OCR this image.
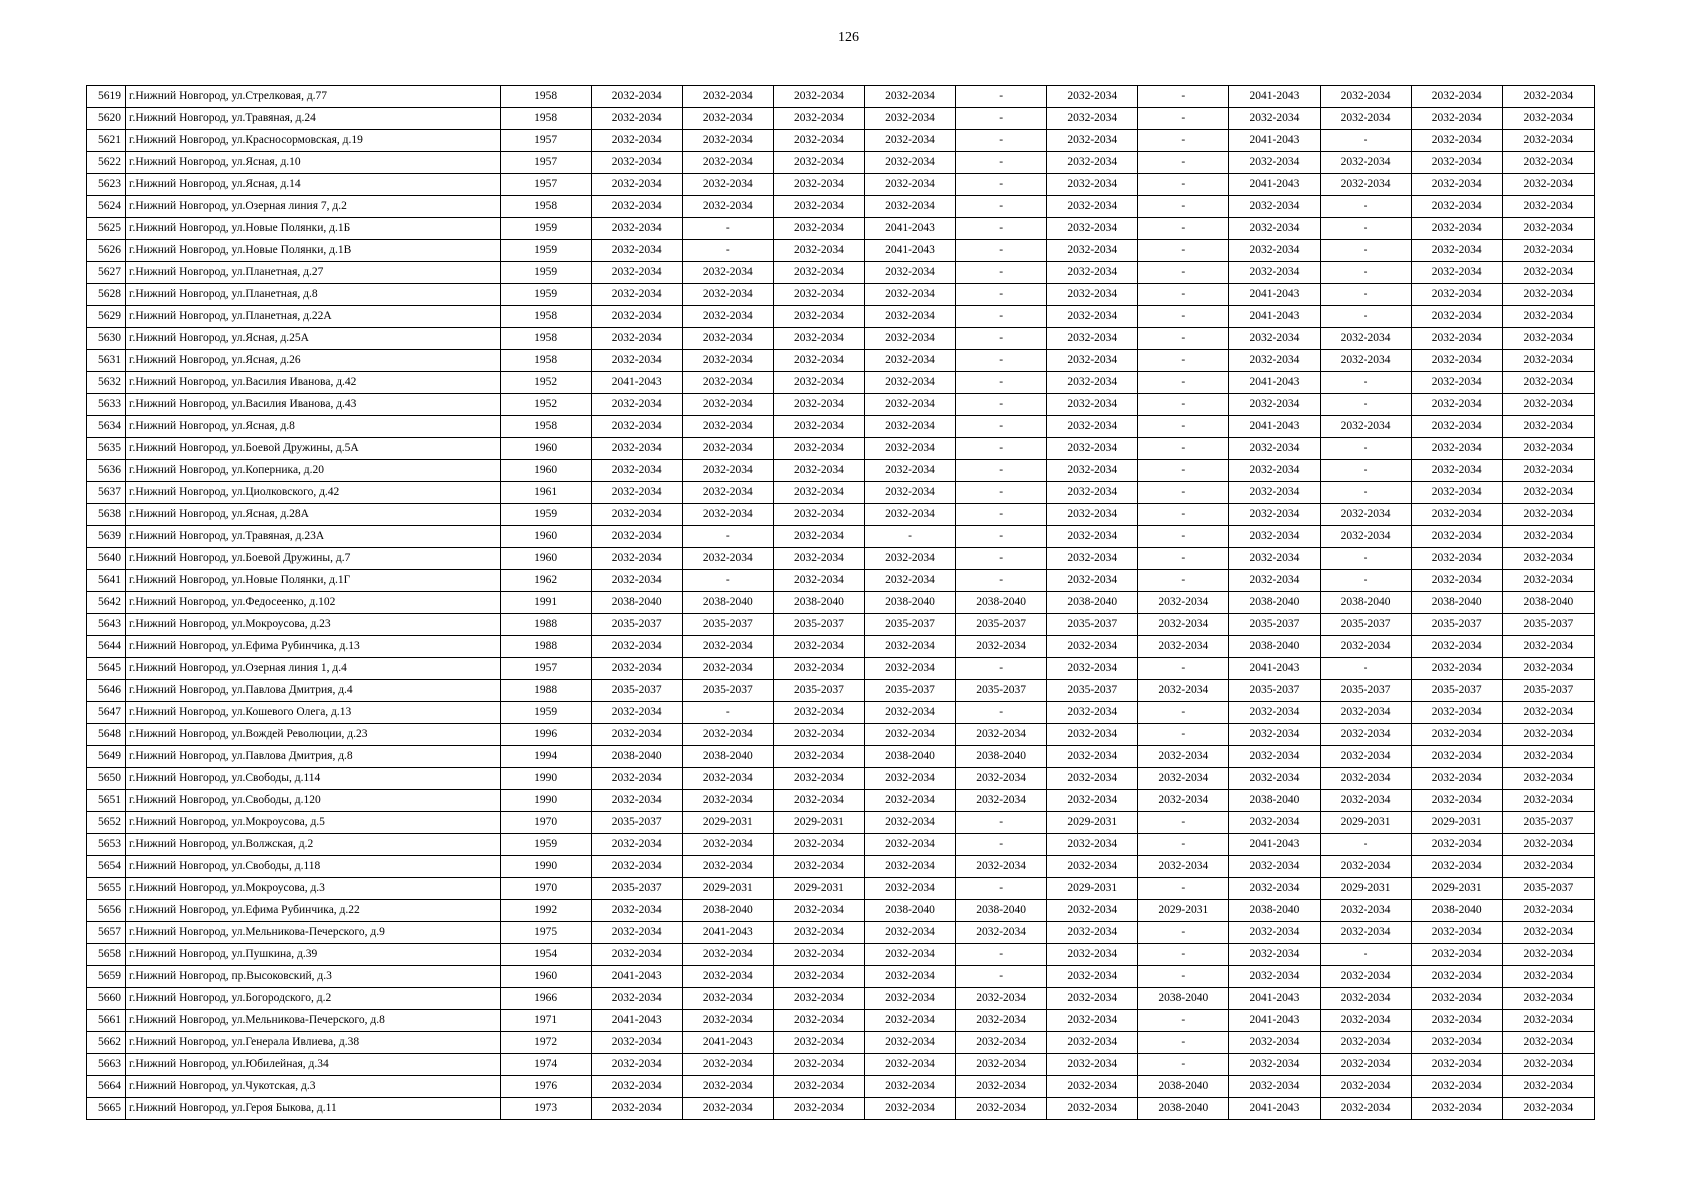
126
5619	г.Нижний Новгород, ул.Стрелковая, д.77	1958	2032-2034	2032-2034	2032-2034	2032-2034	-	2032-2034	-	2041-2043	2032-2034	2032-2034	2032-2034
5620	г.Нижний Новгород, ул.Травяная, д.24	1958	2032-2034	2032-2034	2032-2034	2032-2034	-	2032-2034	-	2032-2034	2032-2034	2032-2034	2032-2034
5621	г.Нижний Новгород, ул.Красносормовская, д.19	1957	2032-2034	2032-2034	2032-2034	2032-2034	-	2032-2034	-	2041-2043	-	2032-2034	2032-2034
5622	г.Нижний Новгород, ул.Ясная, д.10	1957	2032-2034	2032-2034	2032-2034	2032-2034	-	2032-2034	-	2032-2034	2032-2034	2032-2034	2032-2034
5623	г.Нижний Новгород, ул.Ясная, д.14	1957	2032-2034	2032-2034	2032-2034	2032-2034	-	2032-2034	-	2041-2043	2032-2034	2032-2034	2032-2034
5624	г.Нижний Новгород, ул.Озерная линия 7, д.2	1958	2032-2034	2032-2034	2032-2034	2032-2034	-	2032-2034	-	2032-2034	-	2032-2034	2032-2034
5625	г.Нижний Новгород, ул.Новые Полянки, д.1Б	1959	2032-2034	-	2032-2034	2041-2043	-	2032-2034	-	2032-2034	-	2032-2034	2032-2034
5626	г.Нижний Новгород, ул.Новые Полянки, д.1В	1959	2032-2034	-	2032-2034	2041-2043	-	2032-2034	-	2032-2034	-	2032-2034	2032-2034
5627	г.Нижний Новгород, ул.Планетная, д.27	1959	2032-2034	2032-2034	2032-2034	2032-2034	-	2032-2034	-	2032-2034	-	2032-2034	2032-2034
5628	г.Нижний Новгород, ул.Планетная, д.8	1959	2032-2034	2032-2034	2032-2034	2032-2034	-	2032-2034	-	2041-2043	-	2032-2034	2032-2034
5629	г.Нижний Новгород, ул.Планетная, д.22А	1958	2032-2034	2032-2034	2032-2034	2032-2034	-	2032-2034	-	2041-2043	-	2032-2034	2032-2034
5630	г.Нижний Новгород, ул.Ясная, д.25А	1958	2032-2034	2032-2034	2032-2034	2032-2034	-	2032-2034	-	2032-2034	2032-2034	2032-2034	2032-2034
5631	г.Нижний Новгород, ул.Ясная, д.26	1958	2032-2034	2032-2034	2032-2034	2032-2034	-	2032-2034	-	2032-2034	2032-2034	2032-2034	2032-2034
5632	г.Нижний Новгород, ул.Василия Иванова, д.42	1952	2041-2043	2032-2034	2032-2034	2032-2034	-	2032-2034	-	2041-2043	-	2032-2034	2032-2034
5633	г.Нижний Новгород, ул.Василия Иванова, д.43	1952	2032-2034	2032-2034	2032-2034	2032-2034	-	2032-2034	-	2032-2034	-	2032-2034	2032-2034
5634	г.Нижний Новгород, ул.Ясная, д.8	1958	2032-2034	2032-2034	2032-2034	2032-2034	-	2032-2034	-	2041-2043	2032-2034	2032-2034	2032-2034
5635	г.Нижний Новгород, ул.Боевой Дружины, д.5А	1960	2032-2034	2032-2034	2032-2034	2032-2034	-	2032-2034	-	2032-2034	-	2032-2034	2032-2034
5636	г.Нижний Новгород, ул.Коперника, д.20	1960	2032-2034	2032-2034	2032-2034	2032-2034	-	2032-2034	-	2032-2034	-	2032-2034	2032-2034
5637	г.Нижний Новгород, ул.Циолковского, д.42	1961	2032-2034	2032-2034	2032-2034	2032-2034	-	2032-2034	-	2032-2034	-	2032-2034	2032-2034
5638	г.Нижний Новгород, ул.Ясная, д.28А	1959	2032-2034	2032-2034	2032-2034	2032-2034	-	2032-2034	-	2032-2034	2032-2034	2032-2034	2032-2034
5639	г.Нижний Новгород, ул.Травяная, д.23А	1960	2032-2034	-	2032-2034	-	-	2032-2034	-	2032-2034	2032-2034	2032-2034	2032-2034
5640	г.Нижний Новгород, ул.Боевой Дружины, д.7	1960	2032-2034	2032-2034	2032-2034	2032-2034	-	2032-2034	-	2032-2034	-	2032-2034	2032-2034
5641	г.Нижний Новгород, ул.Новые Полянки, д.1Г	1962	2032-2034	-	2032-2034	2032-2034	-	2032-2034	-	2032-2034	-	2032-2034	2032-2034
5642	г.Нижний Новгород, ул.Федосеенко, д.102	1991	2038-2040	2038-2040	2038-2040	2038-2040	2038-2040	2038-2040	2032-2034	2038-2040	2038-2040	2038-2040	2038-2040
5643	г.Нижний Новгород, ул.Мокроусова, д.23	1988	2035-2037	2035-2037	2035-2037	2035-2037	2035-2037	2035-2037	2032-2034	2035-2037	2035-2037	2035-2037	2035-2037
5644	г.Нижний Новгород, ул.Ефима Рубинчика, д.13	1988	2032-2034	2032-2034	2032-2034	2032-2034	2032-2034	2032-2034	2032-2034	2038-2040	2032-2034	2032-2034	2032-2034
5645	г.Нижний Новгород, ул.Озерная линия 1, д.4	1957	2032-2034	2032-2034	2032-2034	2032-2034	-	2032-2034	-	2041-2043	-	2032-2034	2032-2034
5646	г.Нижний Новгород, ул.Павлова Дмитрия, д.4	1988	2035-2037	2035-2037	2035-2037	2035-2037	2035-2037	2035-2037	2032-2034	2035-2037	2035-2037	2035-2037	2035-2037
5647	г.Нижний Новгород, ул.Кошевого Олега, д.13	1959	2032-2034	-	2032-2034	2032-2034	-	2032-2034	-	2032-2034	2032-2034	2032-2034	2032-2034
5648	г.Нижний Новгород, ул.Вождей Революции, д.23	1996	2032-2034	2032-2034	2032-2034	2032-2034	2032-2034	2032-2034	-	2032-2034	2032-2034	2032-2034	2032-2034
5649	г.Нижний Новгород, ул.Павлова Дмитрия, д.8	1994	2038-2040	2038-2040	2032-2034	2038-2040	2038-2040	2032-2034	2032-2034	2032-2034	2032-2034	2032-2034	2032-2034
5650	г.Нижний Новгород, ул.Свободы, д.114	1990	2032-2034	2032-2034	2032-2034	2032-2034	2032-2034	2032-2034	2032-2034	2032-2034	2032-2034	2032-2034	2032-2034
5651	г.Нижний Новгород, ул.Свободы, д.120	1990	2032-2034	2032-2034	2032-2034	2032-2034	2032-2034	2032-2034	2032-2034	2038-2040	2032-2034	2032-2034	2032-2034
5652	г.Нижний Новгород, ул.Мокроусова, д.5	1970	2035-2037	2029-2031	2029-2031	2032-2034	-	2029-2031	-	2032-2034	2029-2031	2029-2031	2035-2037
5653	г.Нижний Новгород, ул.Волжская, д.2	1959	2032-2034	2032-2034	2032-2034	2032-2034	-	2032-2034	-	2041-2043	-	2032-2034	2032-2034
5654	г.Нижний Новгород, ул.Свободы, д.118	1990	2032-2034	2032-2034	2032-2034	2032-2034	2032-2034	2032-2034	2032-2034	2032-2034	2032-2034	2032-2034	2032-2034
5655	г.Нижний Новгород, ул.Мокроусова, д.3	1970	2035-2037	2029-2031	2029-2031	2032-2034	-	2029-2031	-	2032-2034	2029-2031	2029-2031	2035-2037
5656	г.Нижний Новгород, ул.Ефима Рубинчика, д.22	1992	2032-2034	2038-2040	2032-2034	2038-2040	2038-2040	2032-2034	2029-2031	2038-2040	2032-2034	2038-2040	2032-2034
5657	г.Нижний Новгород, ул.Мельникова-Печерского, д.9	1975	2032-2034	2041-2043	2032-2034	2032-2034	2032-2034	2032-2034	-	2032-2034	2032-2034	2032-2034	2032-2034
5658	г.Нижний Новгород, ул.Пушкина, д.39	1954	2032-2034	2032-2034	2032-2034	2032-2034	-	2032-2034	-	2032-2034	-	2032-2034	2032-2034
5659	г.Нижний Новгород, пр.Высоковский, д.3	1960	2041-2043	2032-2034	2032-2034	2032-2034	-	2032-2034	-	2032-2034	2032-2034	2032-2034	2032-2034
5660	г.Нижний Новгород, ул.Богородского, д.2	1966	2032-2034	2032-2034	2032-2034	2032-2034	2032-2034	2032-2034	2038-2040	2041-2043	2032-2034	2032-2034	2032-2034
5661	г.Нижний Новгород, ул.Мельникова-Печерского, д.8	1971	2041-2043	2032-2034	2032-2034	2032-2034	2032-2034	2032-2034	-	2041-2043	2032-2034	2032-2034	2032-2034
5662	г.Нижний Новгород, ул.Генерала Ивлиева, д.38	1972	2032-2034	2041-2043	2032-2034	2032-2034	2032-2034	2032-2034	-	2032-2034	2032-2034	2032-2034	2032-2034
5663	г.Нижний Новгород, ул.Юбилейная, д.34	1974	2032-2034	2032-2034	2032-2034	2032-2034	2032-2034	2032-2034	-	2032-2034	2032-2034	2032-2034	2032-2034
5664	г.Нижний Новгород, ул.Чукотская, д.3	1976	2032-2034	2032-2034	2032-2034	2032-2034	2032-2034	2032-2034	2038-2040	2032-2034	2032-2034	2032-2034	2032-2034
5665	г.Нижний Новгород, ул.Героя Быкова, д.11	1973	2032-2034	2032-2034	2032-2034	2032-2034	2032-2034	2032-2034	2038-2040	2041-2043	2032-2034	2032-2034	2032-2034
